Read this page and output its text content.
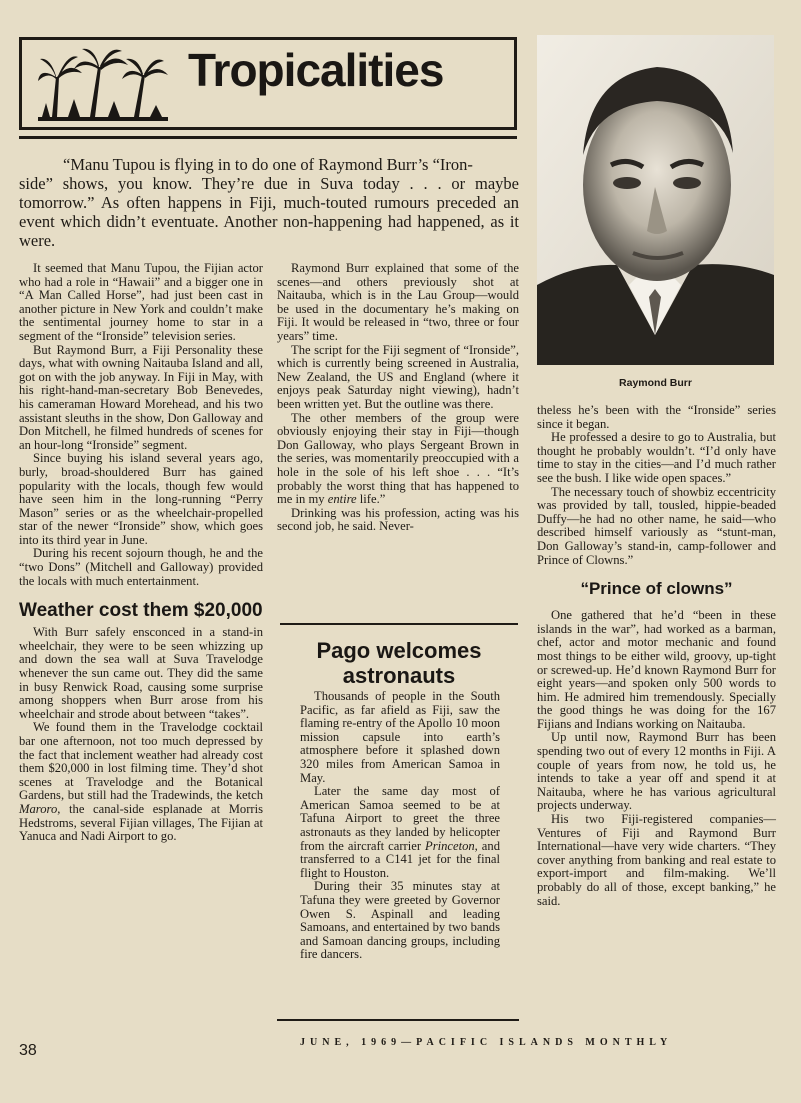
Tropicalities
“Manu Tupou is flying in to do one of Raymond Burr’s “Iron-
side” shows, you know. They’re due in Suva today . . . or maybe tomorrow.” As often happens in Fiji, much-touted rumours preceded an event which didn’t eventuate. Another non-happening had happened, as it were.
Raymond Burr

It seemed that Manu Tupou, the Fijian actor who had a role in “Hawaii” and a bigger one in “A Man Called Horse”, had just been cast in another picture in New York and couldn’t make the sentimental journey home to star in a segment of the “Ironside” television series.

But Raymond Burr, a Fiji Personality these days, what with owning Naitauba Island and all, got on with the job anyway. In Fiji in May, with his right-hand-man-secretary Bob Benevedes, his cameraman Howard Morehead, and his two assistant sleuths in the show, Don Galloway and Don Mitchell, he filmed hundreds of scenes for an hour-long “Ironside” segment.

Since buying his island several years ago, burly, broad-shouldered Burr has gained popularity with the locals, though few would have seen him in the long-running “Perry Mason” series or as the wheelchair-propelled star of the newer “Ironside” show, which goes into its third year in June.

During his recent sojourn though, he and the “two Dons” (Mitchell and Galloway) provided the locals with much entertainment.

Weather cost them $20,000

With Burr safely ensconced in a stand-in wheelchair, they were to be seen whizzing up and down the sea wall at Suva Travelodge whenever the sun came out. They did the same in busy Renwick Road, causing some surprise among shoppers when Burr arose from his wheelchair and strode about between “takes”.

We found them in the Travelodge cocktail bar one afternoon, not too much depressed by the fact that inclement weather had already cost them $20,000 in lost filming time. They’d shot scenes at Travelodge and the Botanical Gardens, but still had the Tradewinds, the ketch Maroro, the canal-side esplanade at Morris Hedstroms, several Fijian villages, The Fijian at Yanuca and Nadi Airport to go.

Raymond Burr explained that some of the scenes—and others previously shot at Naitauba, which is in the Lau Group—would be used in the documentary he’s making on Fiji. It would be released in “two, three or four years” time.

The script for the Fiji segment of “Ironside”, which is currently being screened in Australia, New Zealand, the US and England (where it enjoys peak Saturday night viewing), hadn’t been written yet. But the outline was there.

The other members of the group were obviously enjoying their stay in Fiji—though Don Galloway, who plays Sergeant Brown in the series, was momentarily preoccupied with a hole in the sole of his left shoe . . . “It’s probably the worst thing that has happened to me in my entire life.”

Drinking was his profession, acting was his second job, he said. Never-

Pago welcomes astronauts

Thousands of people in the South Pacific, as far afield as Fiji, saw the flaming re-entry of the Apollo 10 moon mission capsule into earth’s atmosphere before it splashed down 320 miles from American Samoa in May.

Later the same day most of American Samoa seemed to be at Tafuna Airport to greet the three astronauts as they landed by helicopter from the aircraft carrier Princeton, and transferred to a C141 jet for the final flight to Houston.

During their 35 minutes stay at Tafuna they were greeted by Governor Owen S. Aspinall and leading Samoans, and entertained by two bands and Samoan dancing groups, including fire dancers.

theless he’s been with the “Ironside” series since it began.

He professed a desire to go to Australia, but thought he probably wouldn’t. “I’d only have time to stay in the cities—and I’d much rather see the bush. I like wide open spaces.”

The necessary touch of showbiz eccentricity was provided by tall, tousled, hippie-beaded Duffy—he had no other name, he said—who described himself variously as “stunt-man, Don Galloway’s stand-in, camp-follower and Prince of Clowns.”

“Prince of clowns”

One gathered that he’d “been in these islands in the war”, had worked as a barman, chef, actor and motor mechanic and found most things to be either wild, groovy, up-tight or screwed-up. He’d known Raymond Burr for eight years—and spoken only 500 words to him. He admired him tremendously. Specially the good things he was doing for the 167 Fijians and Indians working on Naitauba.

Up until now, Raymond Burr has been spending two out of every 12 months in Fiji. A couple of years from now, he told us, he intends to take a year off and spend it at Naitauba, where he has various agricultural projects underway.

His two Fiji-registered companies—Ventures of Fiji and Raymond Burr International—have very wide charters. “They cover anything from banking and real estate to export-import and film-making. We’ll probably do all of those, except banking,” he said.

38	JUNE, 1969—PACIFIC ISLANDS MONTHLY
